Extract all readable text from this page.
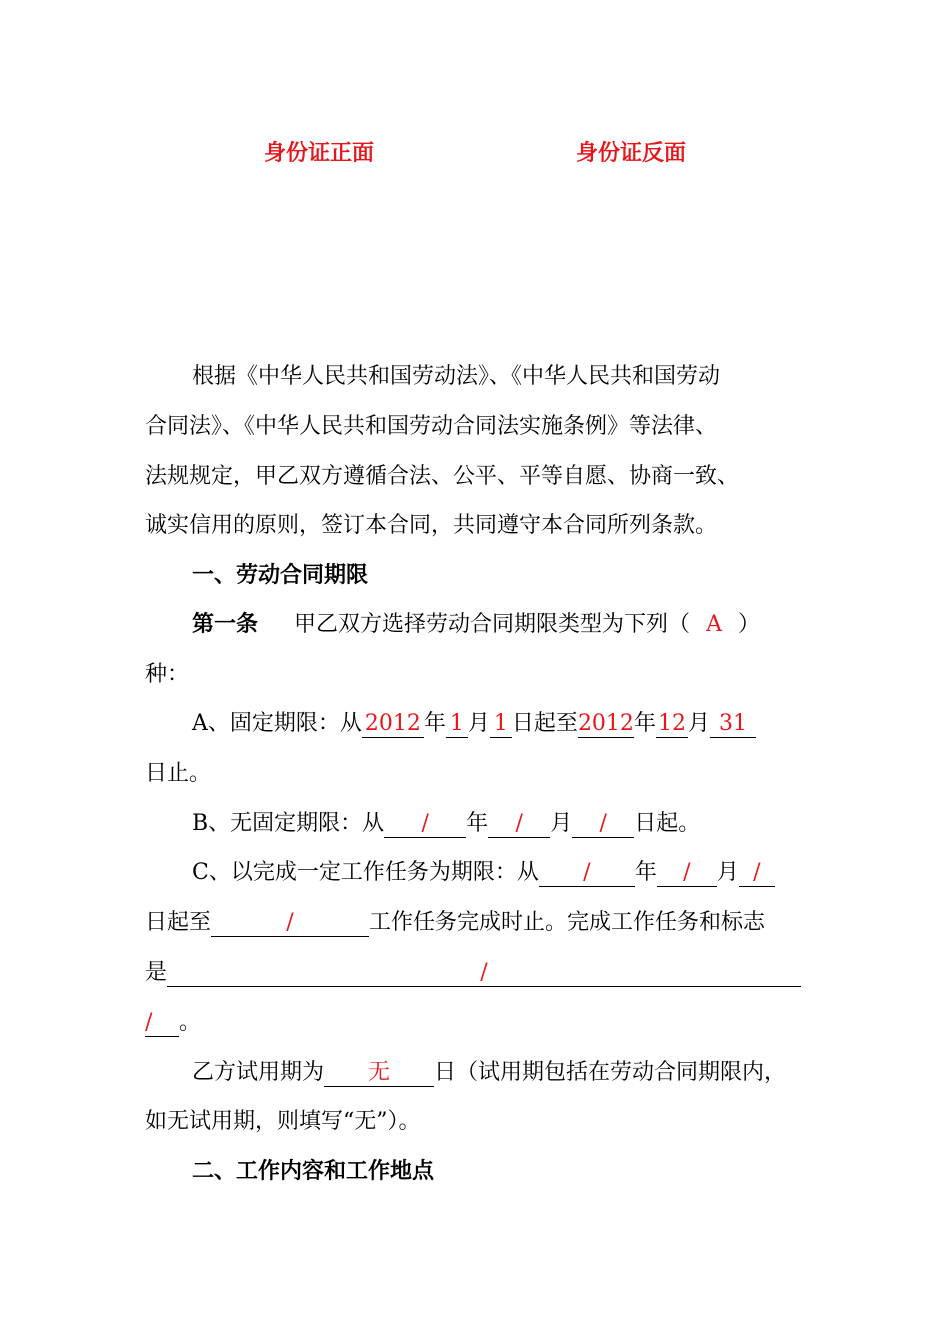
身份证正面	身份证反面
根据《中华人民共和国劳动法》、《中华人民共和国劳动
合同法》、《中华人民共和国劳动合同法实施条例》等法律、
法规规定，甲乙双方遵循合法、公平、平等自愿、协商一致、
诚实信用的原则，签订本合同，共同遵守本合同所列条款。
一、劳动合同期限
第一条 甲乙双方选择劳动合同期限类型为下列（ A ）
种：
A、固定期限：从 2012 年 1 月 1 日起至2012年12月 31
日止。
B、无固定期限：从 / 年 / 月 / 日起。
C、以完成一定工作任务为期限：从 / 年 / 月 /
日起至	/	工作任务完成时止。完成工作任务和标志
是	/
/ 。
乙方试用期为 无 日（试用期包括在劳动合同期限内，
如无试用期，则填写“无”）。
二、工作内容和工作地点
